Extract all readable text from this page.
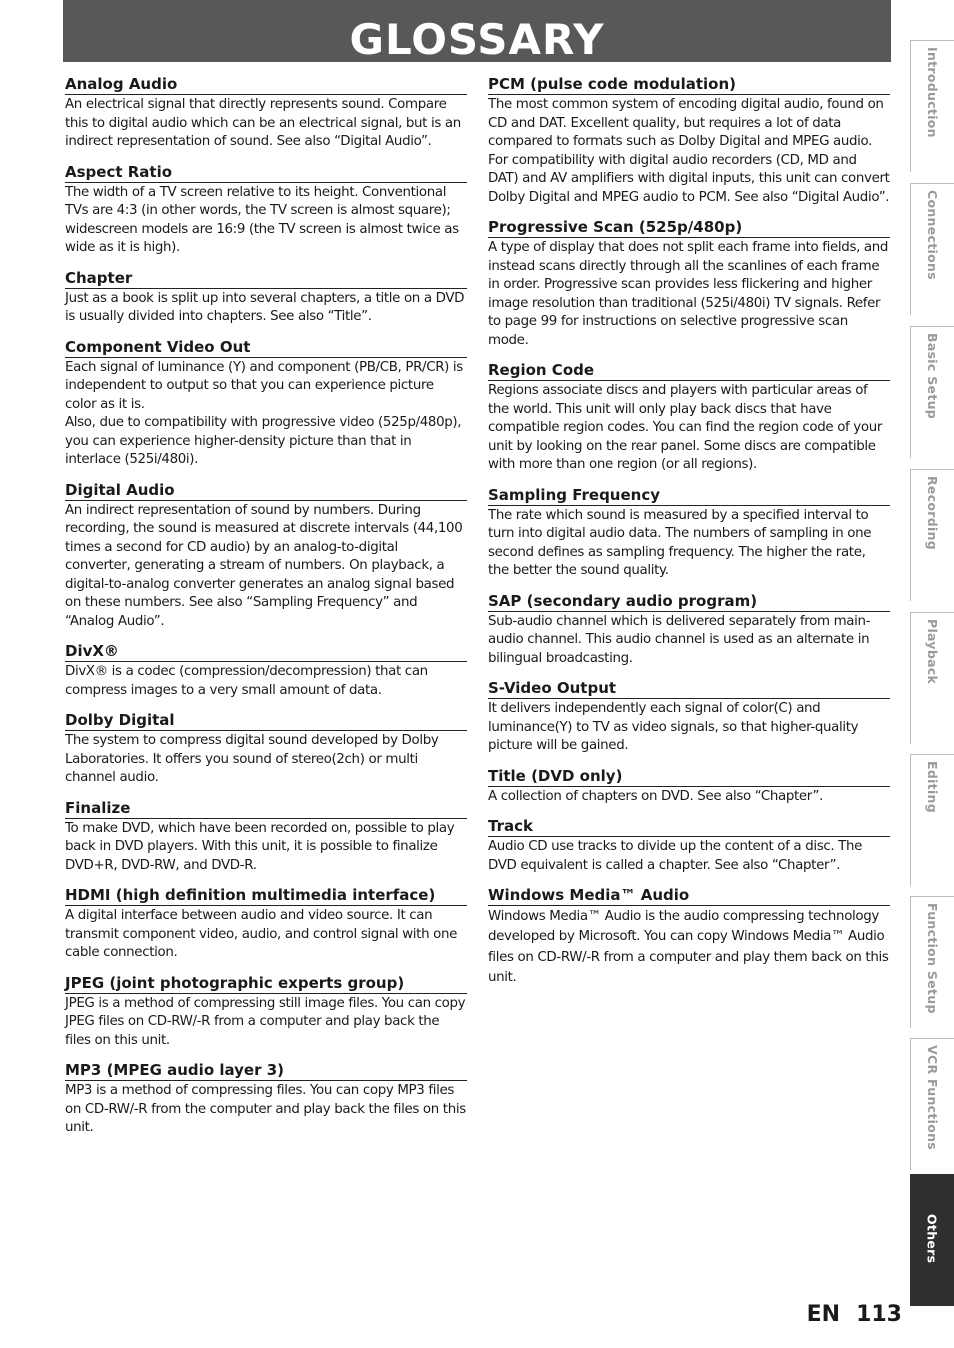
GLOSSARY
Analog Audio

An electrical signal that directly represents sound. Compare this to digital audio which can be an electrical signal, but is an indirect representation of sound. See also “Digital Audio”.

Aspect Ratio

The width of a TV screen relative to its height. Conventional TVs are 4:3 (in other words, the TV screen is almost square); widescreen models are 16:9 (the TV screen is almost twice as wide as it is high).

Chapter

Just as a book is split up into several chapters, a title on a DVD is usually divided into chapters. See also “Title”.

Component Video Out

Each signal of luminance (Y) and component (PB/CB, PR/CR) is independent to output so that you can experience picture color as it is.
Also, due to compatibility with progressive video (525p/480p), you can experience higher-density picture than that in interlace (525i/480i).

Digital Audio

An indirect representation of sound by numbers. During recording, the sound is measured at discrete intervals (44,100 times a second for CD audio) by an analog-to-digital converter, generating a stream of numbers. On playback, a digital-to-analog converter generates an analog signal based on these numbers. See also “Sampling Frequency” and “Analog Audio”.

DivX®

DivX® is a codec (compression/decompression) that can compress images to a very small amount of data.

Dolby Digital

The system to compress digital sound developed by Dolby Laboratories. It offers you sound of stereo(2ch) or multi channel audio.

Finalize

To make DVD, which have been recorded on, possible to play back in DVD players. With this unit, it is possible to finalize DVD+R, DVD-RW, and DVD-R.

HDMI (high definition multimedia interface)

A digital interface between audio and video source. It can transmit component video, audio, and control signal with one cable connection.

JPEG (joint photographic experts group)

JPEG is a method of compressing still image files. You can copy JPEG files on CD-RW/-R from a computer and play back the files on this unit.

MP3 (MPEG audio layer 3)

MP3 is a method of compressing files. You can copy MP3 files on CD-RW/-R from the computer and play back the files on this unit.

PCM (pulse code modulation)

The most common system of encoding digital audio, found on CD and DAT. Excellent quality, but requires a lot of data compared to formats such as Dolby Digital and MPEG audio. For compatibility with digital audio recorders (CD, MD and DAT) and AV amplifiers with digital inputs, this unit can convert Dolby Digital and MPEG audio to PCM. See also “Digital Audio”.

Progressive Scan (525p/480p)

A type of display that does not split each frame into fields, and instead scans directly through all the scanlines of each frame in order. Progressive scan provides less flickering and higher image resolution than traditional (525i/480i) TV signals. Refer to page 99 for instructions on selective progressive scan mode.

Region Code

Regions associate discs and players with particular areas of the world. This unit will only play back discs that have compatible region codes. You can find the region code of your unit by looking on the rear panel. Some discs are compatible with more than one region (or all regions).

Sampling Frequency

The rate which sound is measured by a specified interval to turn into digital audio data. The numbers of sampling in one second defines as sampling frequency. The higher the rate, the better the sound quality.

SAP (secondary audio program)

Sub-audio channel which is delivered separately from main-audio channel. This audio channel is used as an alternate in bilingual broadcasting.

S-Video Output

It delivers independently each signal of color(C) and luminance(Y) to TV as video signals, so that higher-quality picture will be gained.

Title (DVD only)

A collection of chapters on DVD. See also “Chapter”.

Track

Audio CD use tracks to divide up the content of a disc. The DVD equivalent is called a chapter. See also “Chapter”.

Windows Media™ Audio

Windows Media™ Audio is the audio compressing technology developed by Microsoft. You can copy Windows Media™ Audio files on CD-RW/-R from a computer and play them back on this unit.

Introduction
Connections
Basic Setup
Recording
Playback
Editing
Function Setup
VCR Functions
Others
EN 113
